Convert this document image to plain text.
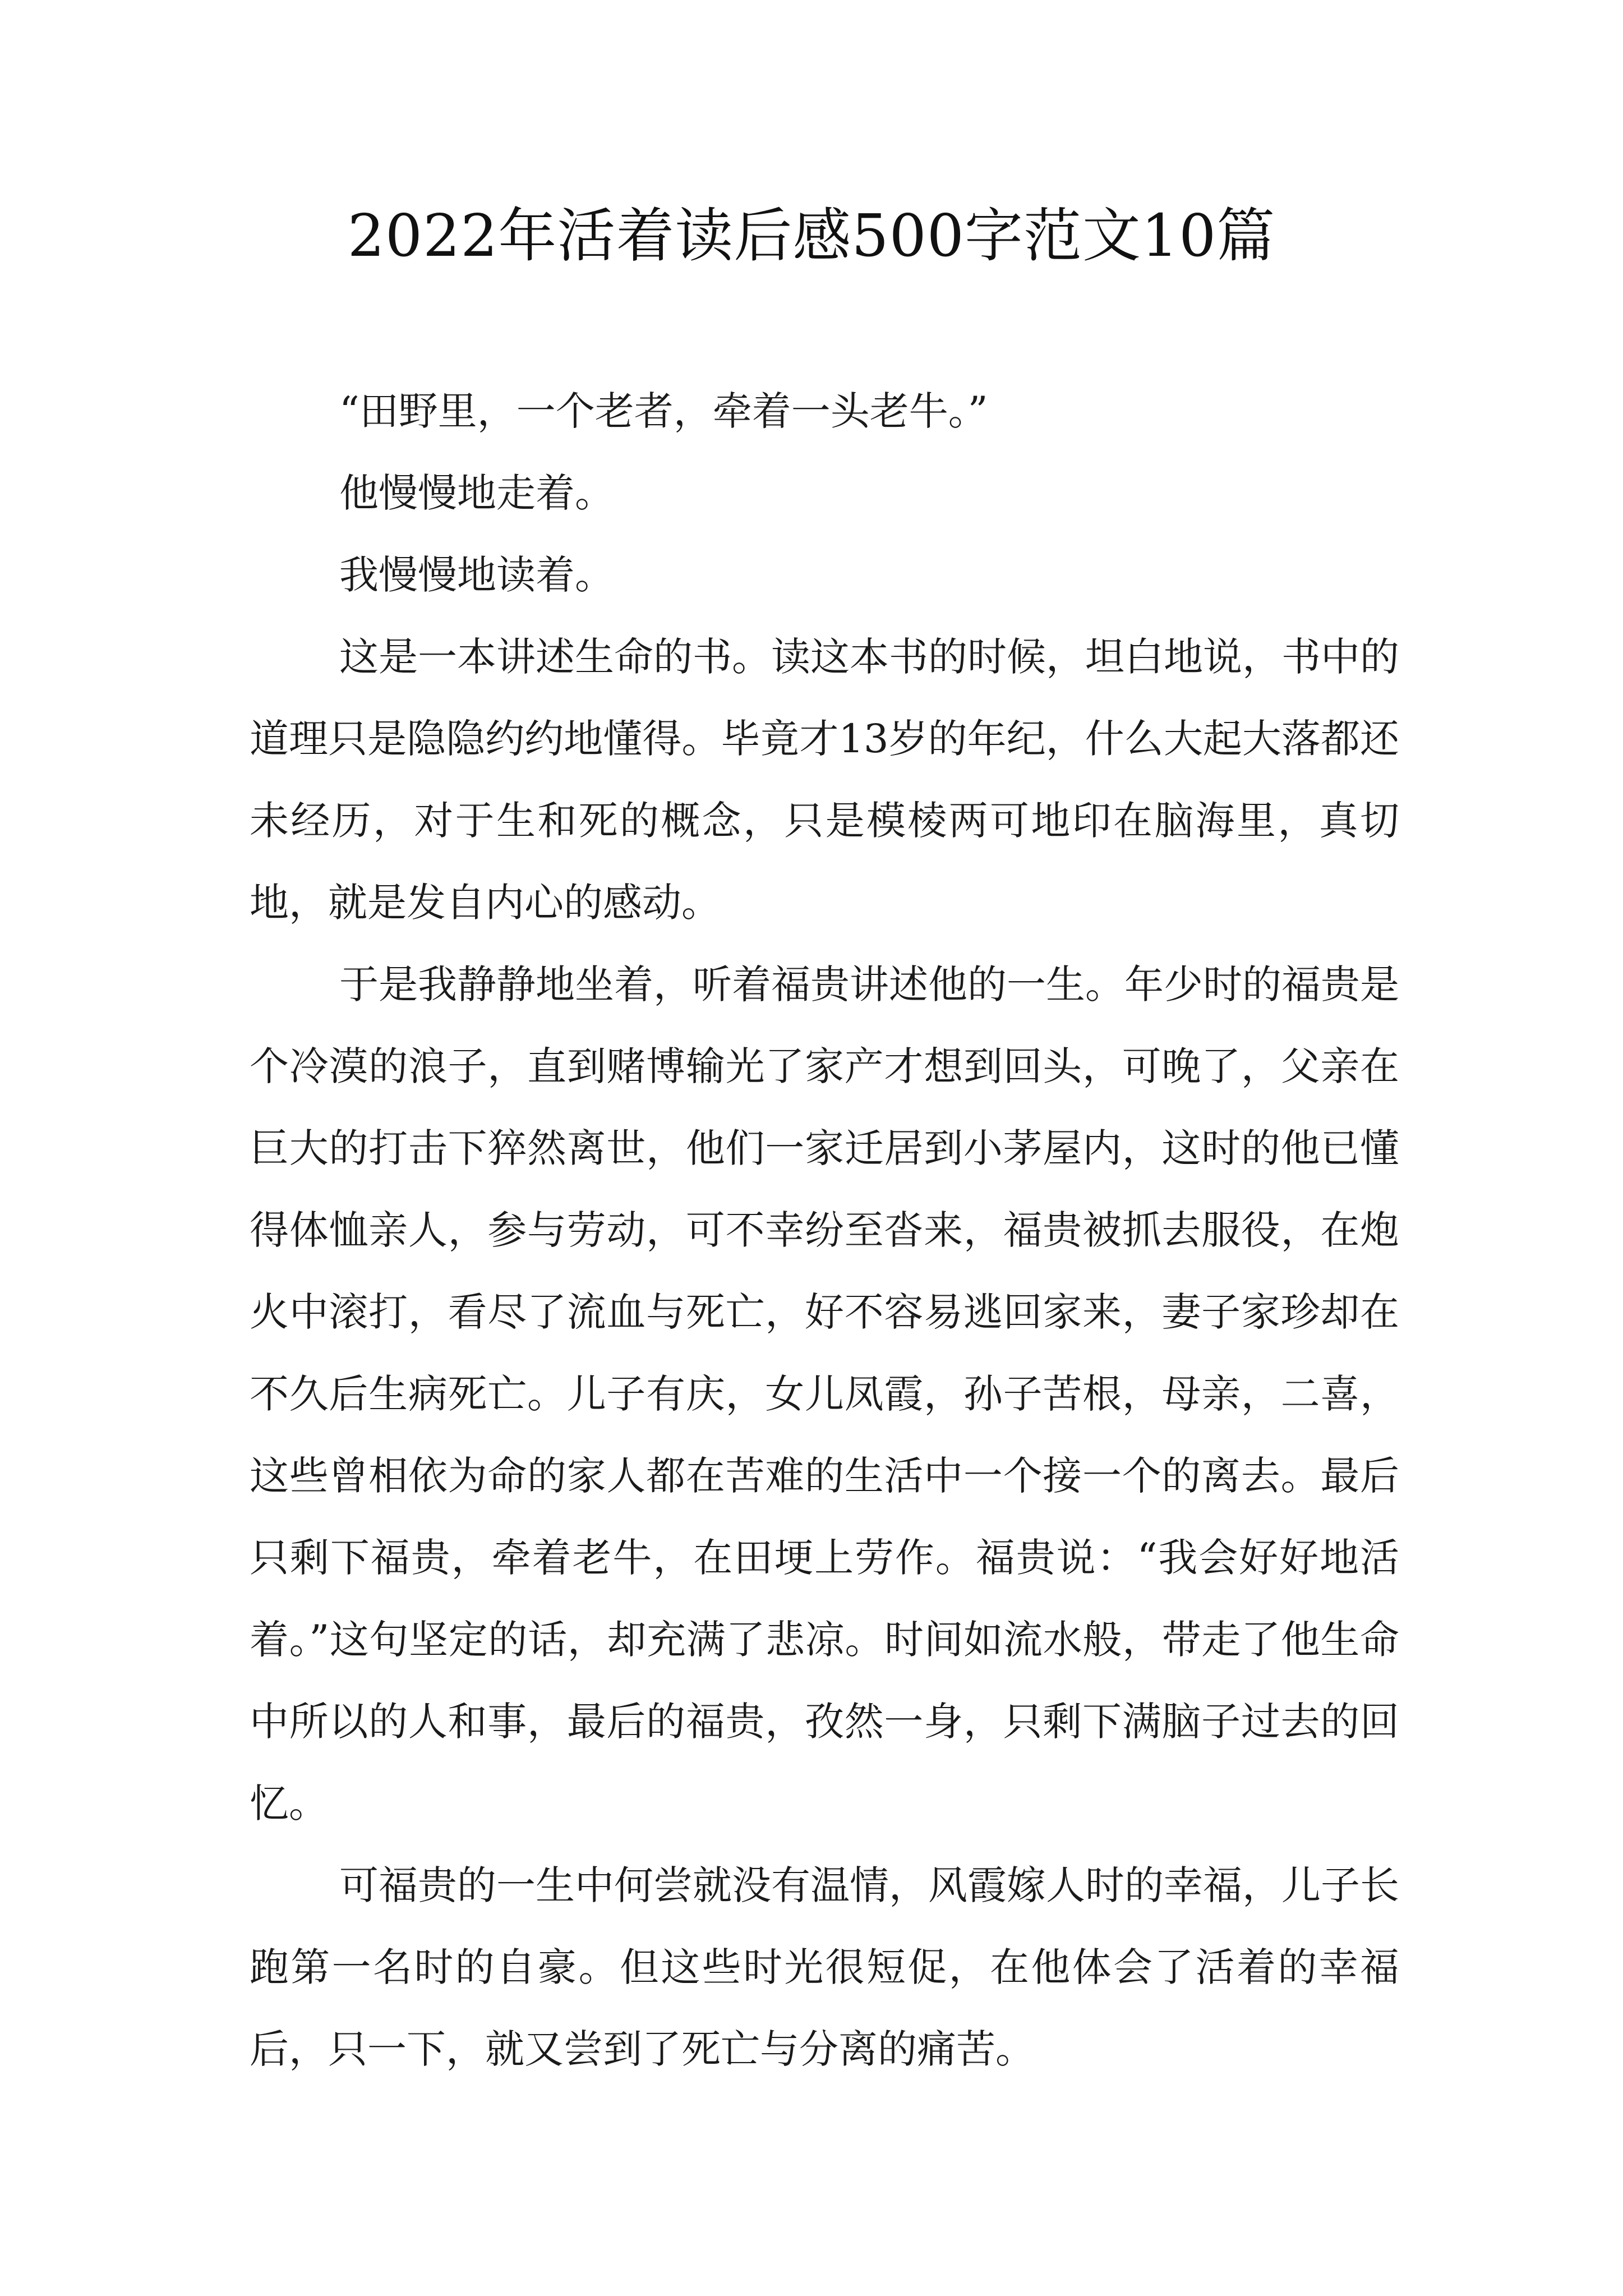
2022年活着读后感500字范文10篇

“田野里，一个老者，牵着一头老牛。”

他慢慢地走着。

我慢慢地读着。

这是一本讲述生命的书。读这本书的时候，坦白地说，书中的道理只是隐隐约约地懂得。毕竟才13岁的年纪，什么大起大落都还未经历，对于生和死的概念，只是模棱两可地印在脑海里，真切地，就是发自内心的感动。

于是我静静地坐着，听着福贵讲述他的一生。年少时的福贵是个冷漠的浪子，直到赌博输光了家产才想到回头，可晚了，父亲在巨大的打击下猝然离世，他们一家迁居到小茅屋内，这时的他已懂得体恤亲人，参与劳动，可不幸纷至沓来，福贵被抓去服役，在炮火中滚打，看尽了流血与死亡，好不容易逃回家来，妻子家珍却在不久后生病死亡。儿子有庆，女儿凤霞，孙子苦根，母亲，二喜，这些曾相依为命的家人都在苦难的生活中一个接一个的离去。最后只剩下福贵，牵着老牛，在田埂上劳作。福贵说：“我会好好地活着。”这句坚定的话，却充满了悲凉。时间如流水般，带走了他生命中所以的人和事，最后的福贵，孜然一身，只剩下满脑子过去的回忆。

可福贵的一生中何尝就没有温情，风霞嫁人时的幸福，儿子长跑第一名时的自豪。但这些时光很短促，在他体会了活着的幸福后，只一下，就又尝到了死亡与分离的痛苦。
